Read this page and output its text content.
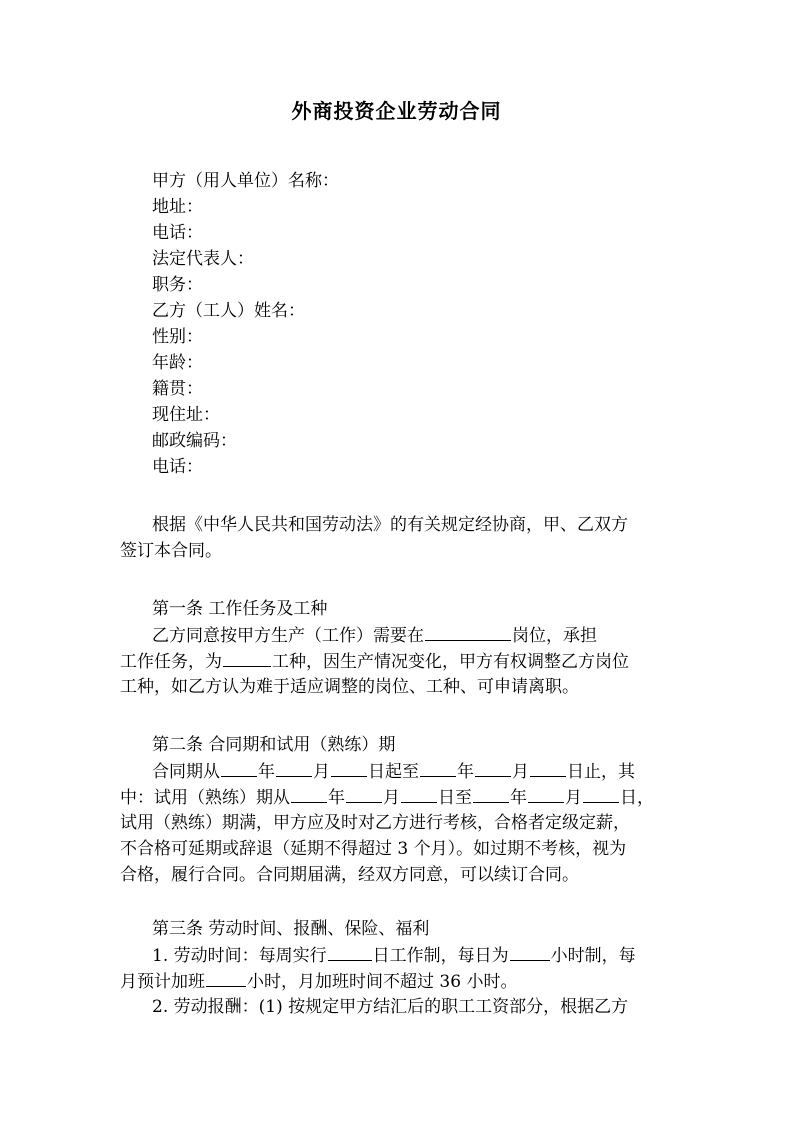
外商投资企业劳动合同
甲方（用人单位）名称：
地址：
电话：
法定代表人：
职务：
乙方（工人）姓名：
性别：
年龄：
籍贯：
现住址：
邮政编码：
电话：
根据《中华人民共和国劳动法》的有关规定经协商，甲、乙双方
签订本合同。
第一条 工作任务及工种
乙方同意按甲方生产（工作）需要在	岗位，承担
工作任务，为	工种，因生产情况变化，甲方有权调整乙方岗位
工种，如乙方认为难于适应调整的岗位、工种、可申请离职。
第二条 合同期和试用（熟练）期
合同期从 年 月 日起至 年 月 日止，其
中：试用（熟练）期从 年 月 日至 年 月 日，
试用（熟练）期满，甲方应及时对乙方进行考核，合格者定级定薪，
不合格可延期或辞退（延期不得超过 3 个月）。如过期不考核，视为
合格，履行合同。合同期届满，经双方同意，可以续订合同。
第三条 劳动时间、报酬、保险、福利
1. 劳动时间：每周实行	日工作制，每日为 小时制，每
月预计加班 小时，月加班时间不超过 36 小时。
2. 劳动报酬：(1) 按规定甲方结汇后的职工工资部分，根据乙方
